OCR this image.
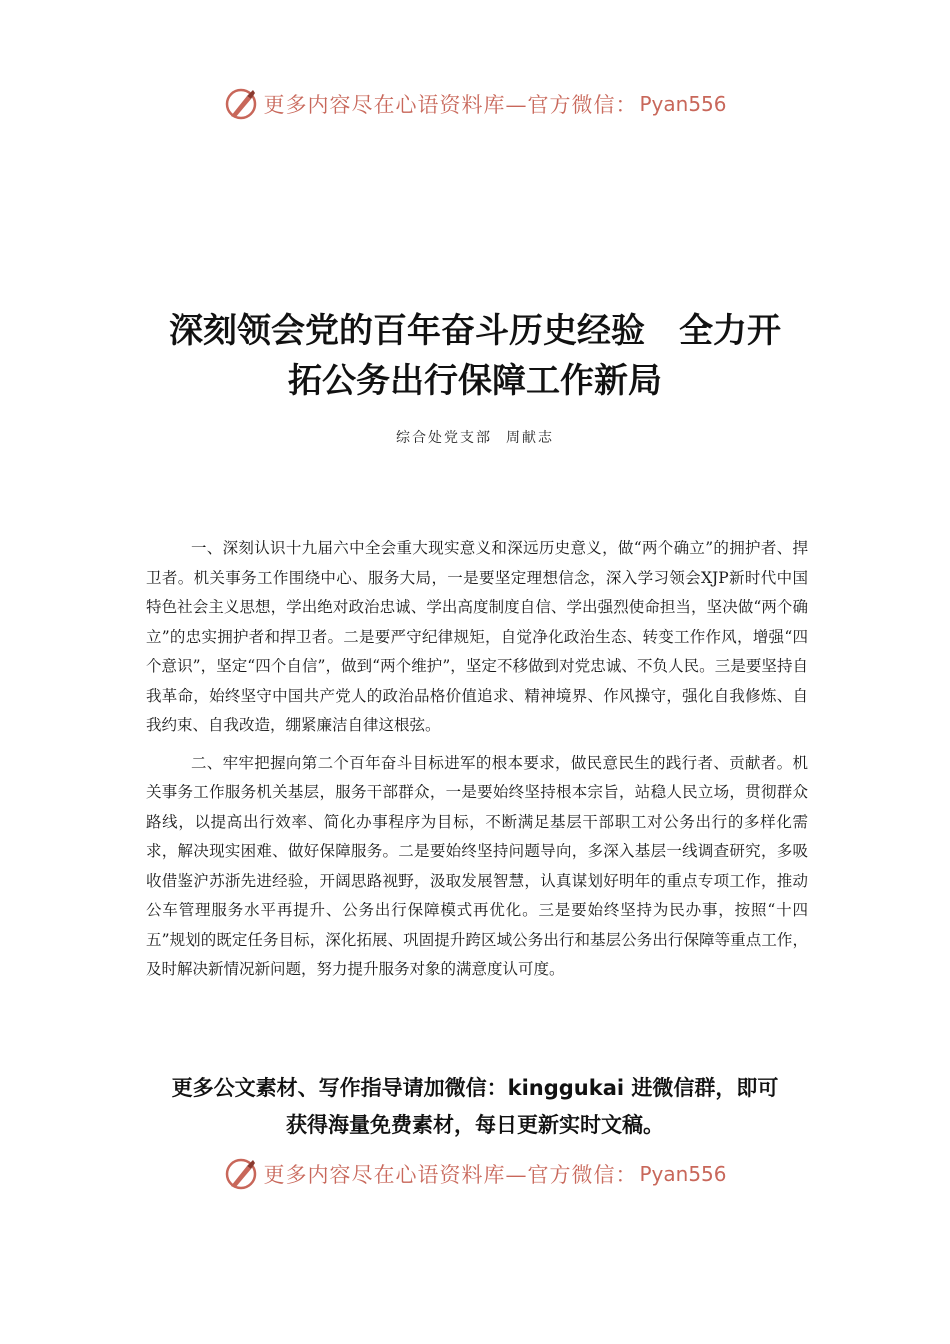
更多内容尽在心语资料库—官方微信： Pyan556
深刻领会党的百年奋斗历史经验　全力开
拓公务出行保障工作新局
综合处党支部 周献志

一、深刻认识十九届六中全会重大现实意义和深远历史意义，做“两个确立”的拥护者、捍卫者。机关事务工作围绕中心、服务大局，一是要坚定理想信念，深入学习领会XJP新时代中国特色社会主义思想，学出绝对政治忠诚、学出高度制度自信、学出强烈使命担当，坚决做“两个确立”的忠实拥护者和捍卫者。二是要严守纪律规矩，自觉净化政治生态、转变工作作风，增强“四个意识”，坚定“四个自信”，做到“两个维护”，坚定不移做到对党忠诚、不负人民。三是要坚持自我革命，始终坚守中国共产党人的政治品格价值追求、精神境界、作风操守，强化自我修炼、自我约束、自我改造，绷紧廉洁自律这根弦。

二、牢牢把握向第二个百年奋斗目标进军的根本要求，做民意民生的践行者、贡献者。机关事务工作服务机关基层，服务干部群众，一是要始终坚持根本宗旨，站稳人民立场，贯彻群众路线，以提高出行效率、简化办事程序为目标，不断满足基层干部职工对公务出行的多样化需求，解决现实困难、做好保障服务。二是要始终坚持问题导向，多深入基层一线调查研究，多吸收借鉴沪苏浙先进经验，开阔思路视野，汲取发展智慧，认真谋划好明年的重点专项工作，推动公车管理服务水平再提升、公务出行保障模式再优化。三是要始终坚持为民办事，按照“十四五”规划的既定任务目标，深化拓展、巩固提升跨区域公务出行和基层公务出行保障等重点工作，及时解决新情况新问题，努力提升服务对象的满意度认可度。

更多公文素材、写作指导请加微信：kinggukai 进微信群，即可
获得海量免费素材，每日更新实时文稿。
更多内容尽在心语资料库—官方微信： Pyan556
